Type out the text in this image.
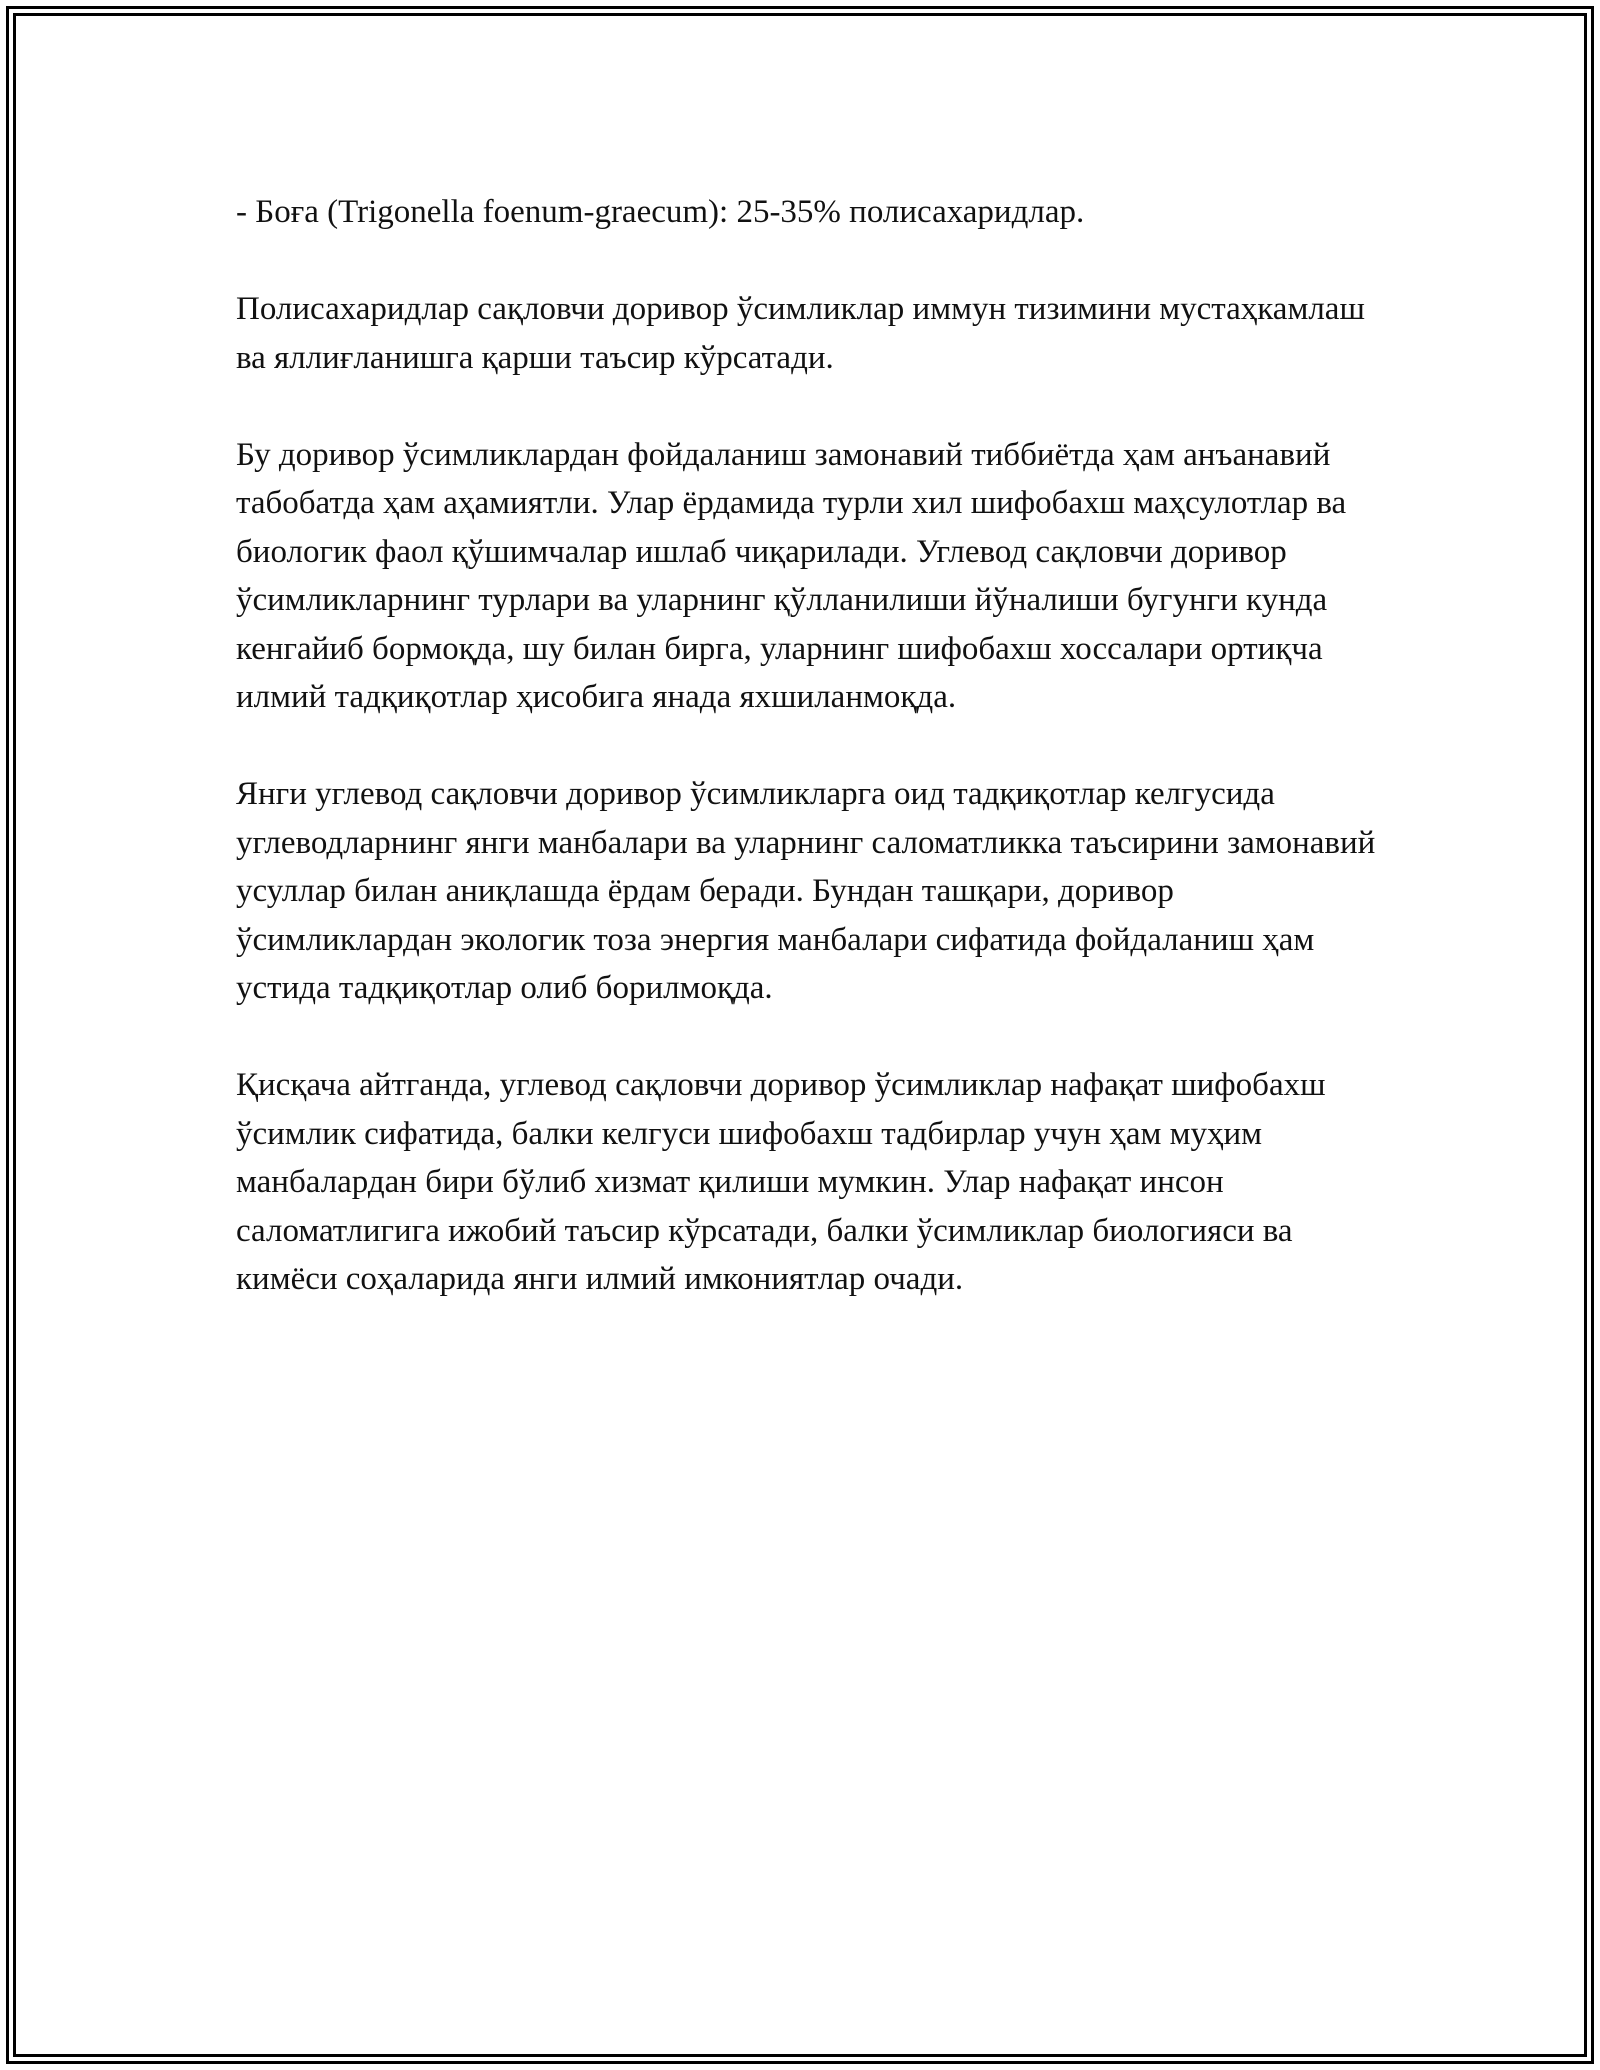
- Боға (Trigonella foenum-graecum): 25-35% полисахаридлар.

Полисахаридлар сақловчи доривор ўсимликлар иммун тизимини мустаҳкамлаш ва яллиғланишга қарши таъсир кўрсатади.

Бу доривор ўсимликлардан фойдаланиш замонавий тиббиётда ҳам анъанавий табобатда ҳам аҳамиятли. Улар ёрдамида турли хил шифобахш маҳсулотлар ва биологик фаол қўшимчалар ишлаб чиқарилади. Углевод сақловчи доривор ўсимликларнинг турлари ва уларнинг қўлланилиши йўналиши бугунги кунда кенгайиб бормоқда, шу билан бирга, уларнинг шифобахш хоссалари ортиқча илмий тадқиқотлар ҳисобига янада яхшиланмоқда.

Янги углевод сақловчи доривор ўсимликларга оид тадқиқотлар келгусида углеводларнинг янги манбалари ва уларнинг саломатликка таъсирини замонавий усуллар билан аниқлашда ёрдам беради. Бундан ташқари, доривор ўсимликлардан экологик тоза энергия манбалари сифатида фойдаланиш ҳам устида тадқиқотлар олиб борилмоқда.

Қисқача айтганда, углевод сақловчи доривор ўсимликлар нафақат шифобахш ўсимлик сифатида, балки келгуси шифобахш тадбирлар учун ҳам муҳим манбалардан бири бўлиб хизмат қилиши мумкин. Улар нафақат инсон саломатлигига ижобий таъсир кўрсатади, балки ўсимликлар биологияси ва кимёси соҳаларида янги илмий имкониятлар очади.
